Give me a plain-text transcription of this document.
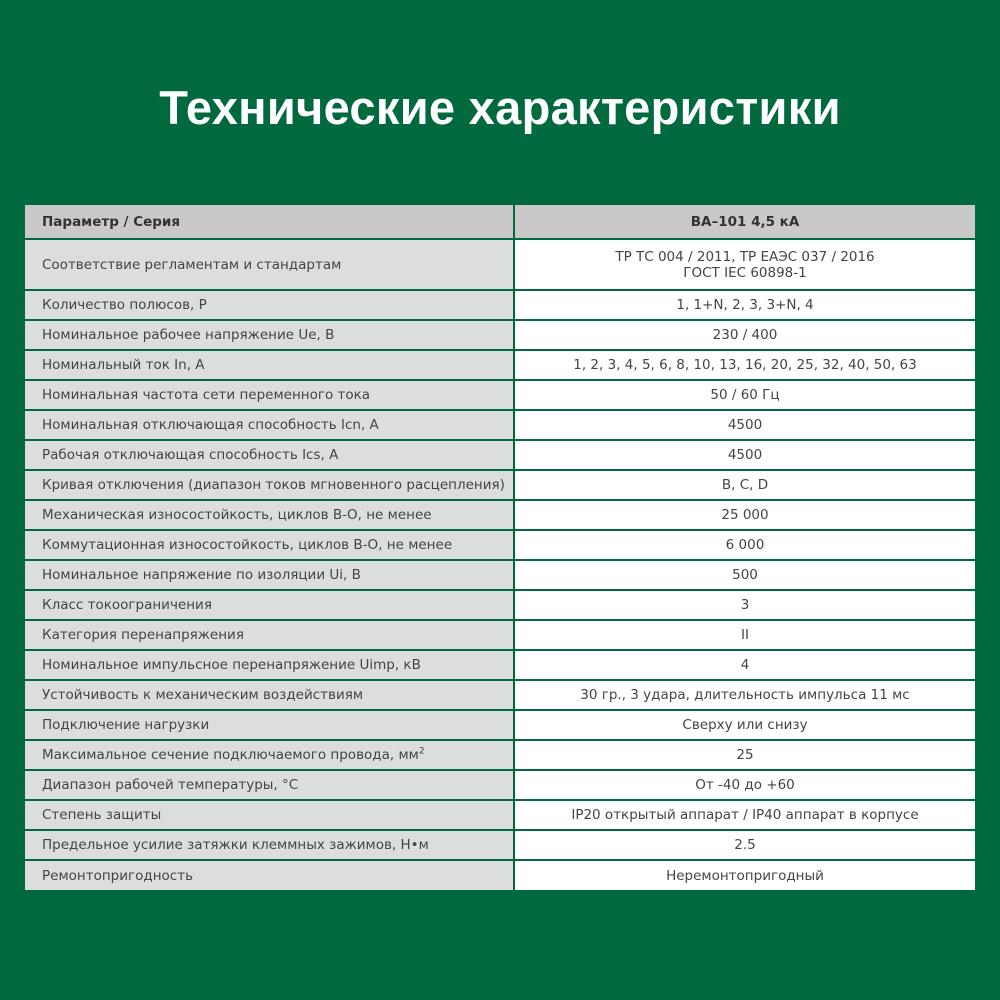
Технические характеристики
Параметр / Серия	ВА–101 4,5 кА
Соответствие регламентам и стандартам	ТР ТС 004 / 2011, ТР ЕАЭС 037 / 2016
ГОСТ IEC 60898-1

Количество полюсов, Р	1, 1+N, 2, 3, 3+N, 4
Номинальное рабочее напряжение Ue, В	230 / 400
Номинальный ток In, А	1, 2, 3, 4, 5, 6, 8, 10, 13, 16, 20, 25, 32, 40, 50, 63
Номинальная частота сети переменного тока	50 / 60 Гц
Номинальная отключающая способность Icn, А	4500
Рабочая отключающая способность Ics, А	4500
Кривая отключения (диапазон токов мгновенного расцепления)	B, C, D
Механическая износостойкость, циклов В-О, не менее	25 000
Коммутационная износостойкость, циклов В-О, не менее	6 000
Номинальное напряжение по изоляции Ui, В	500
Класс токоограничения	3
Категория перенапряжения	II
Номинальное импульсное перенапряжение Uimp, кВ	4
Устойчивость к механическим воздействиям	30 гр., 3 удара, длительность импульса 11 мс
Подключение нагрузки	Сверху или снизу
Максимальное сечение подключаемого провода, $мм^2$	25
Диапазон рабочей температуры, °С	От -40 до +60
Степень защиты	IP20 открытый аппарат / IP40 аппарат в корпусе
Предельное усилие затяжки клеммных зажимов, Н•м	2.5
Ремонтопригодность	Неремонтопригодный
